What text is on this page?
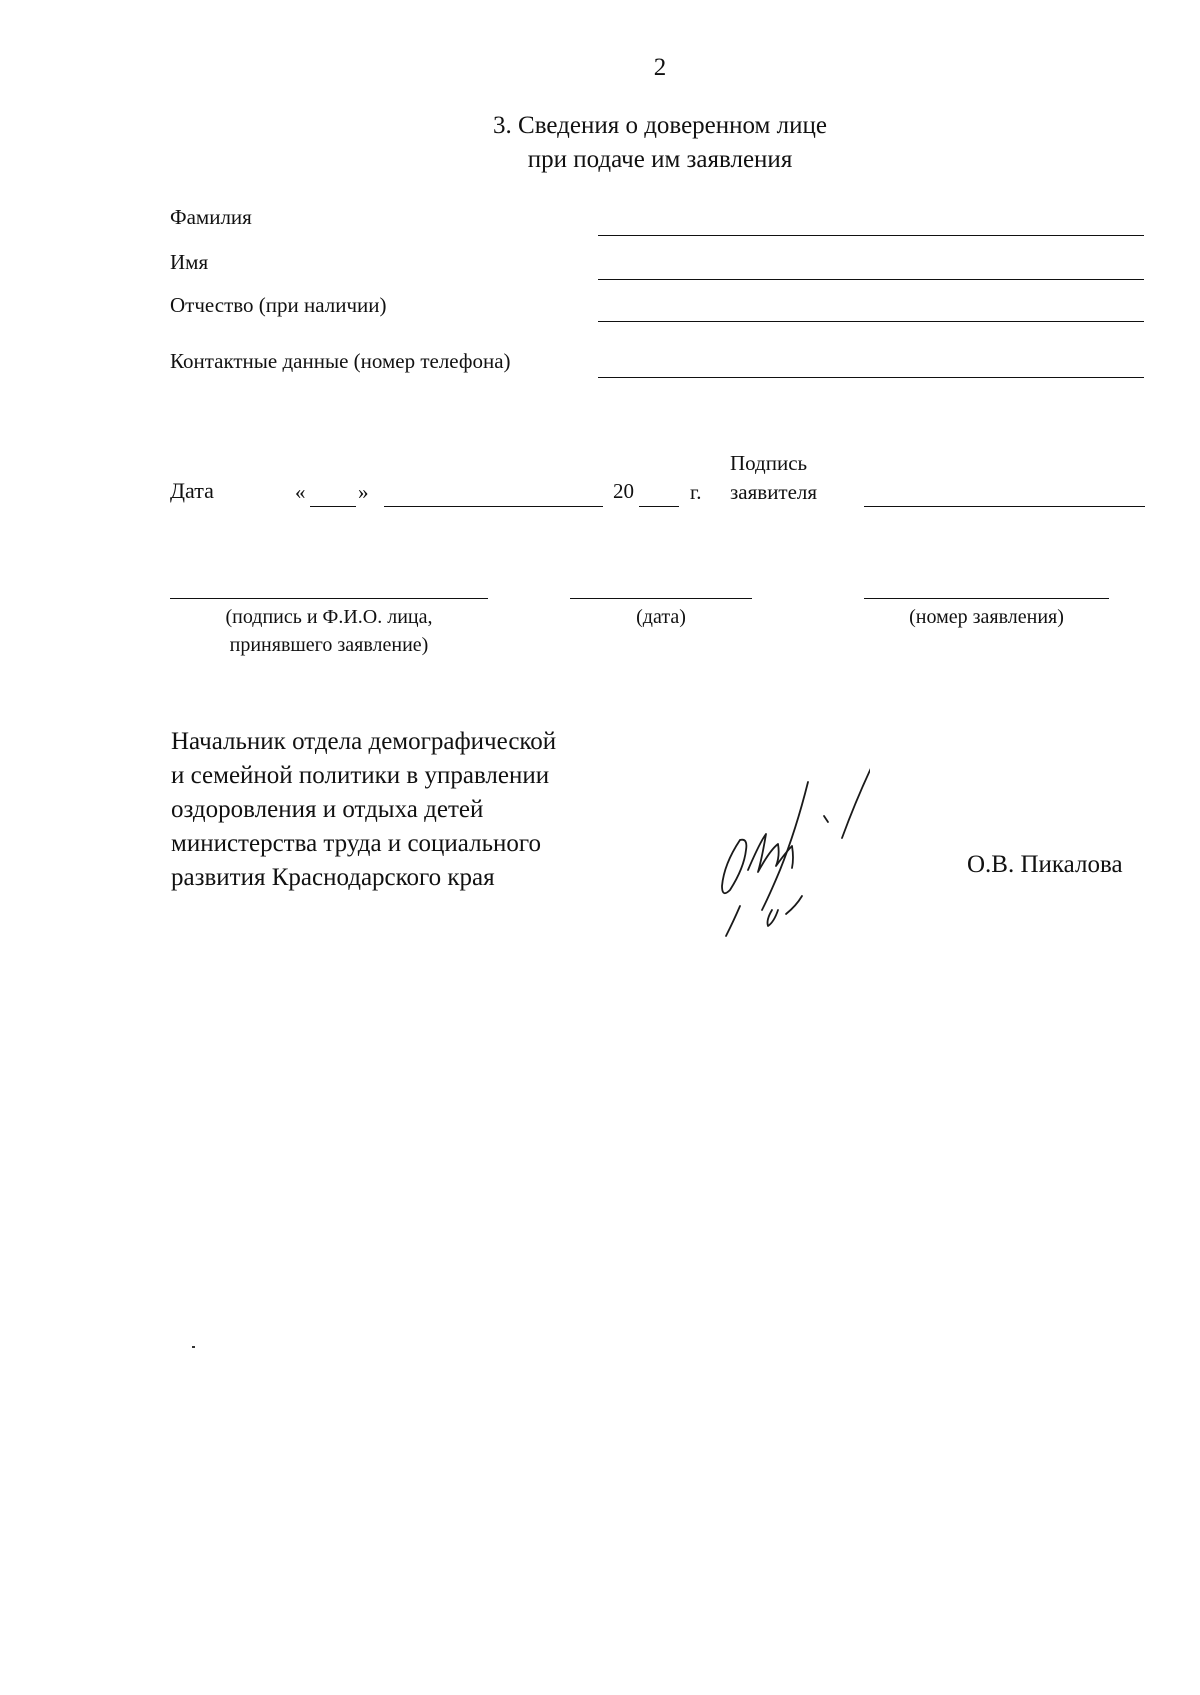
2
3. Сведения о доверенном лице
при подаче им заявления
Фамилия
Имя
Отчество (при наличии)
Контактные данные (номер телефона)
Дата	«	»	20	г.
Подпись
заявителя
(подпись и Ф.И.О. лица,
принявшего заявление)
(дата)	(номер заявления)
Начальник отдела демографической
и семейной политики в управлении
оздоровления и отдыха детей
министерства труда и социального
развития Краснодарского края	О.В. Пикалова
